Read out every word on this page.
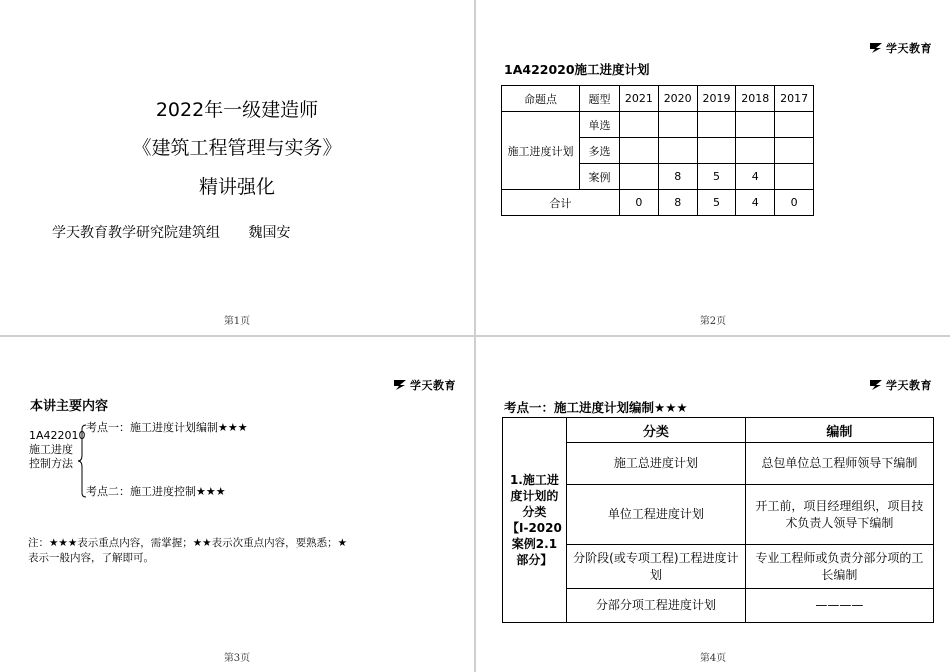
2022年一级建造师
《建筑工程管理与实务》
精讲强化
学天教育教学研究院建筑组 魏国安
第1页
学天教育
1A422020施工进度计划
命题点	题型	2021	2020	2019	2018	2017
施工进度计划	单选					
	多选					
	案例		8	5	4	
合计		0	8	5	4	0
第2页
学天教育
本讲主要内容
1A422010
施工进度
控制方法
考点一：施工进度计划编制★★★
考点二：施工进度控制★★★
注：★★★表示重点内容，需掌握；★★表示次重点内容，要熟悉；★表示一般内容，了解即可。
第3页
学天教育
考点一：施工进度计划编制★★★
1.施工进度计划的分类【Ⅰ-2020案例2.1部分】	分类	编制
	施工总进度计划	总包单位总工程师领导下编制
	单位工程进度计划	开工前，项目经理组织，项目技术负责人领导下编制
	分阶段(或专项工程)工程进度计划	专业工程师或负责分部分项的工长编制
	分部分项工程进度计划	————
第4页
